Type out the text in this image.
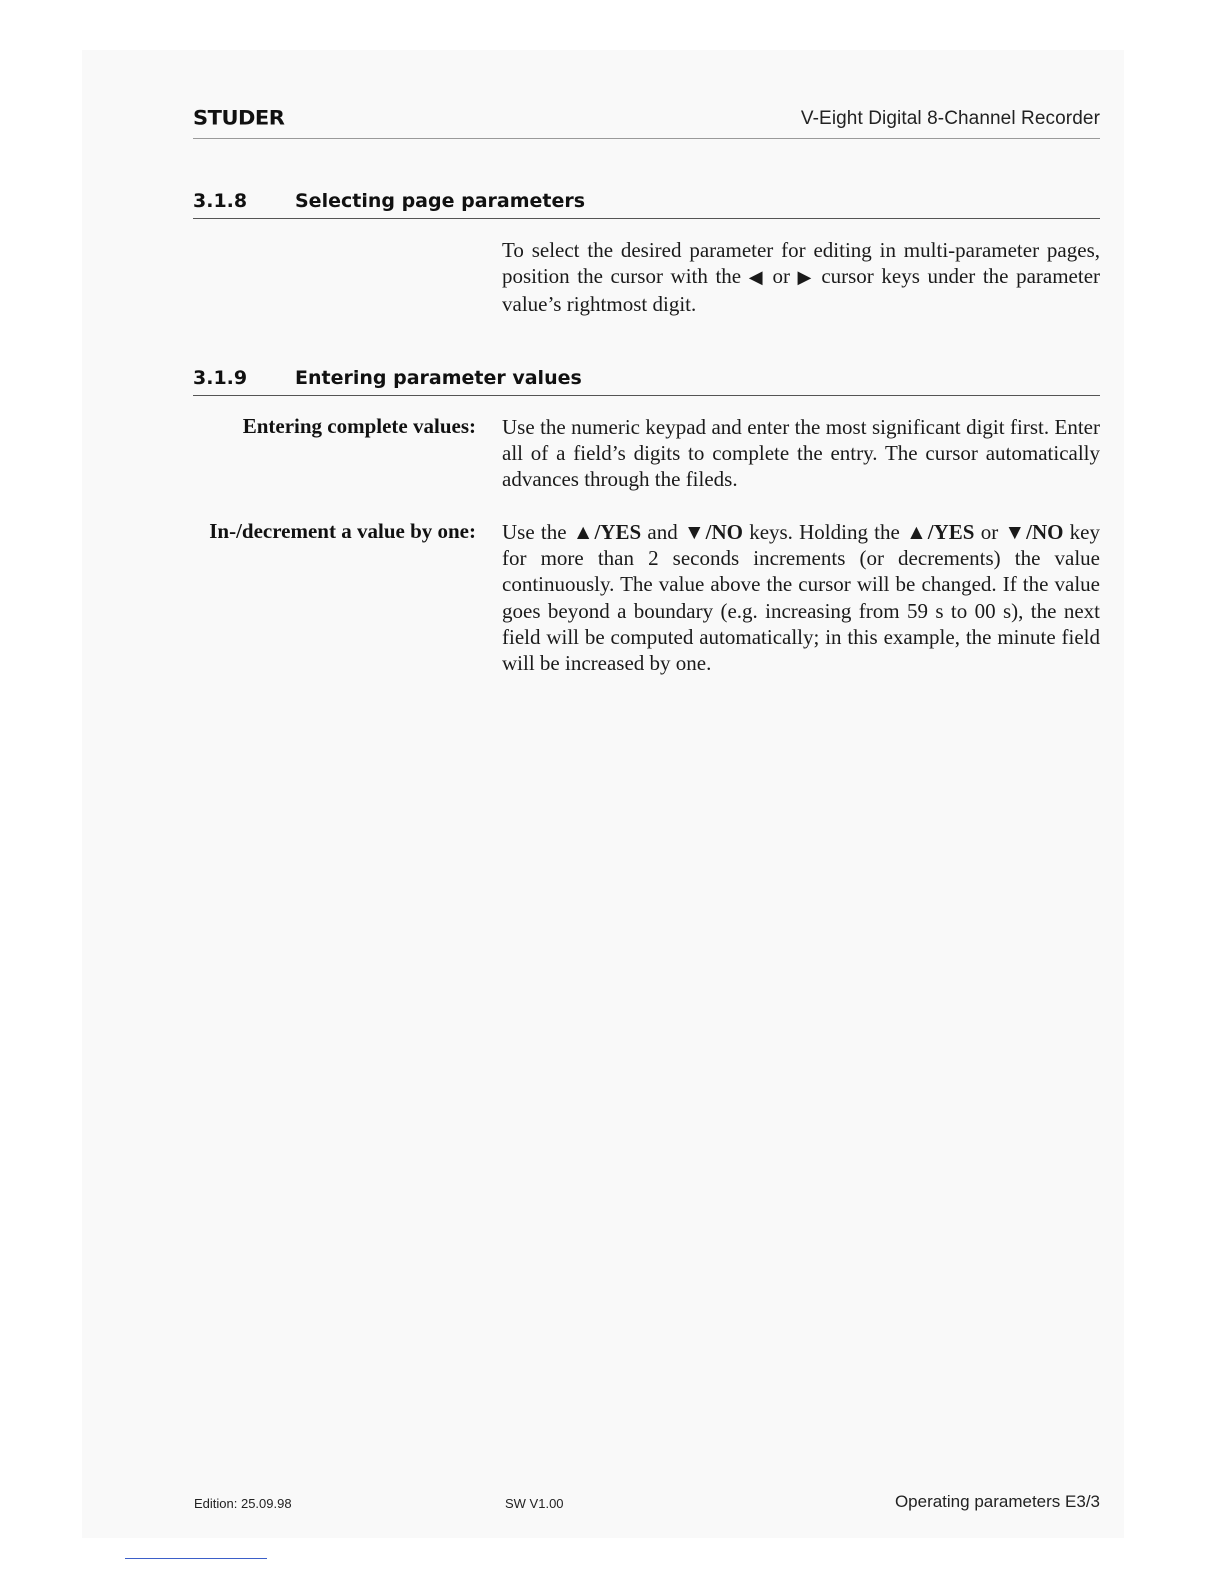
STUDER	V-Eight Digital 8-Channel Recorder
3.1.8	Selecting page parameters
To select the desired parameter for editing in multi-parameter pages, position the cursor with the ◀ or ▶ cursor keys under the parameter value’s rightmost digit.
3.1.9	Entering parameter values
Entering complete values: Use the numeric keypad and enter the most significant digit first. Enter all of a field’s digits to complete the entry. The cursor automatically advances through the fileds.
In-/decrement a value by one: Use the ▲/YES and ▼/NO keys. Holding the ▲/YES or ▼/NO key for more than 2 seconds increments (or decrements) the value continuously. The value above the cursor will be changed. If the value goes beyond a boundary (e.g. increasing from 59 s to 00 s), the next field will be computed automatically; in this example, the minute field will be increased by one.
Edition: 25.09.98	SW V1.00	Operating parameters E3/3
